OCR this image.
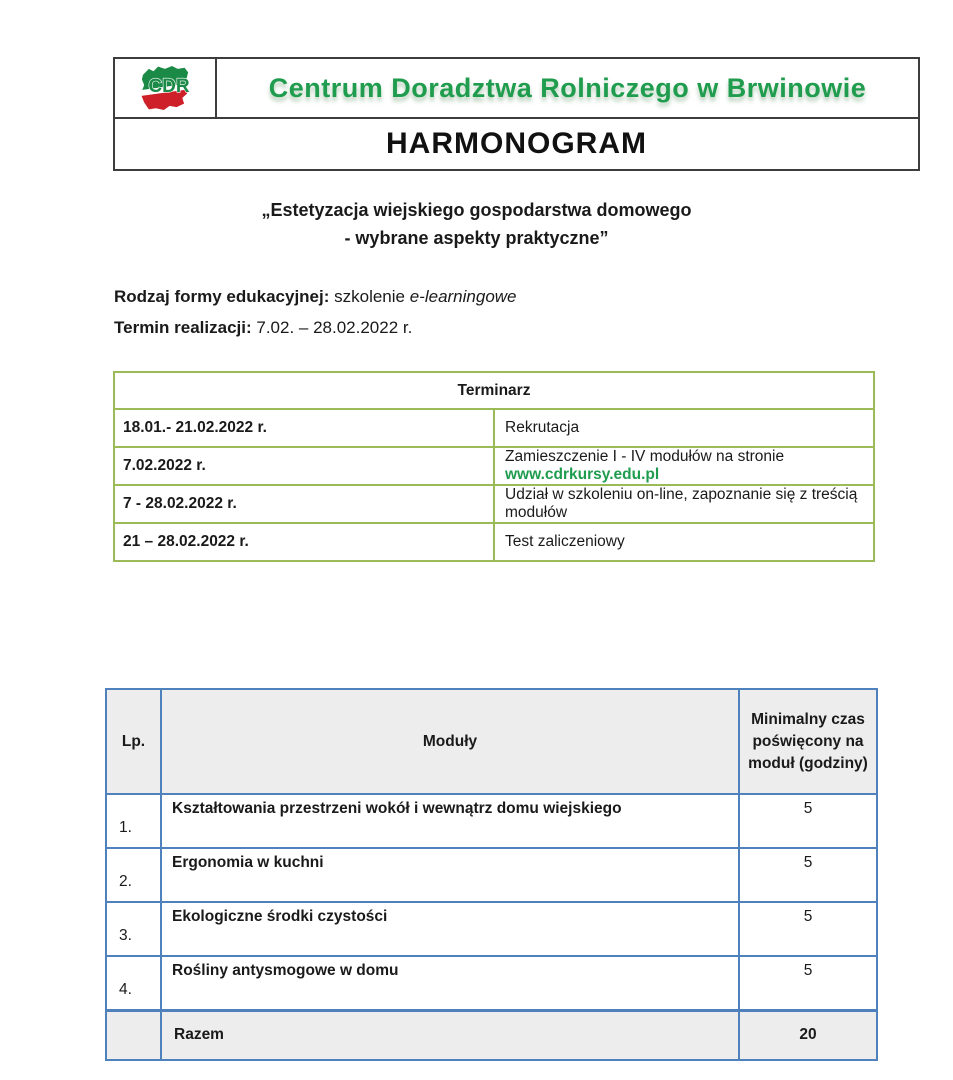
CDR	Centrum Doradztwa Rolniczego w Brwinowie
HARMONOGRAM
„Estetyzacja wiejskiego gospodarstwa domowego
- wybrane aspekty praktyczne”
Rodzaj formy edukacyjnej: szkolenie e-learningowe
Termin realizacji: 7.02. – 28.02.2022 r.
Terminarz	
18.01.- 21.02.2022 r.	Rekrutacja
7.02.2022 r.	Zamieszczenie I - IV modułów na stronie www.cdrkursy.edu.pl
7 - 28.02.2022 r.	Udział w szkoleniu on-line, zapoznanie się z treścią modułów
21 – 28.02.2022 r.	Test zaliczeniowy
Lp.	Moduły	Minimalny czas poświęcony na moduł (godziny)
1.	Kształtowania przestrzeni wokół i wewnątrz domu wiejskiego	5
2.	Ergonomia w kuchni	5
3.	Ekologiczne środki czystości	5
4.	Rośliny antysmogowe w domu	5
	Razem	20
